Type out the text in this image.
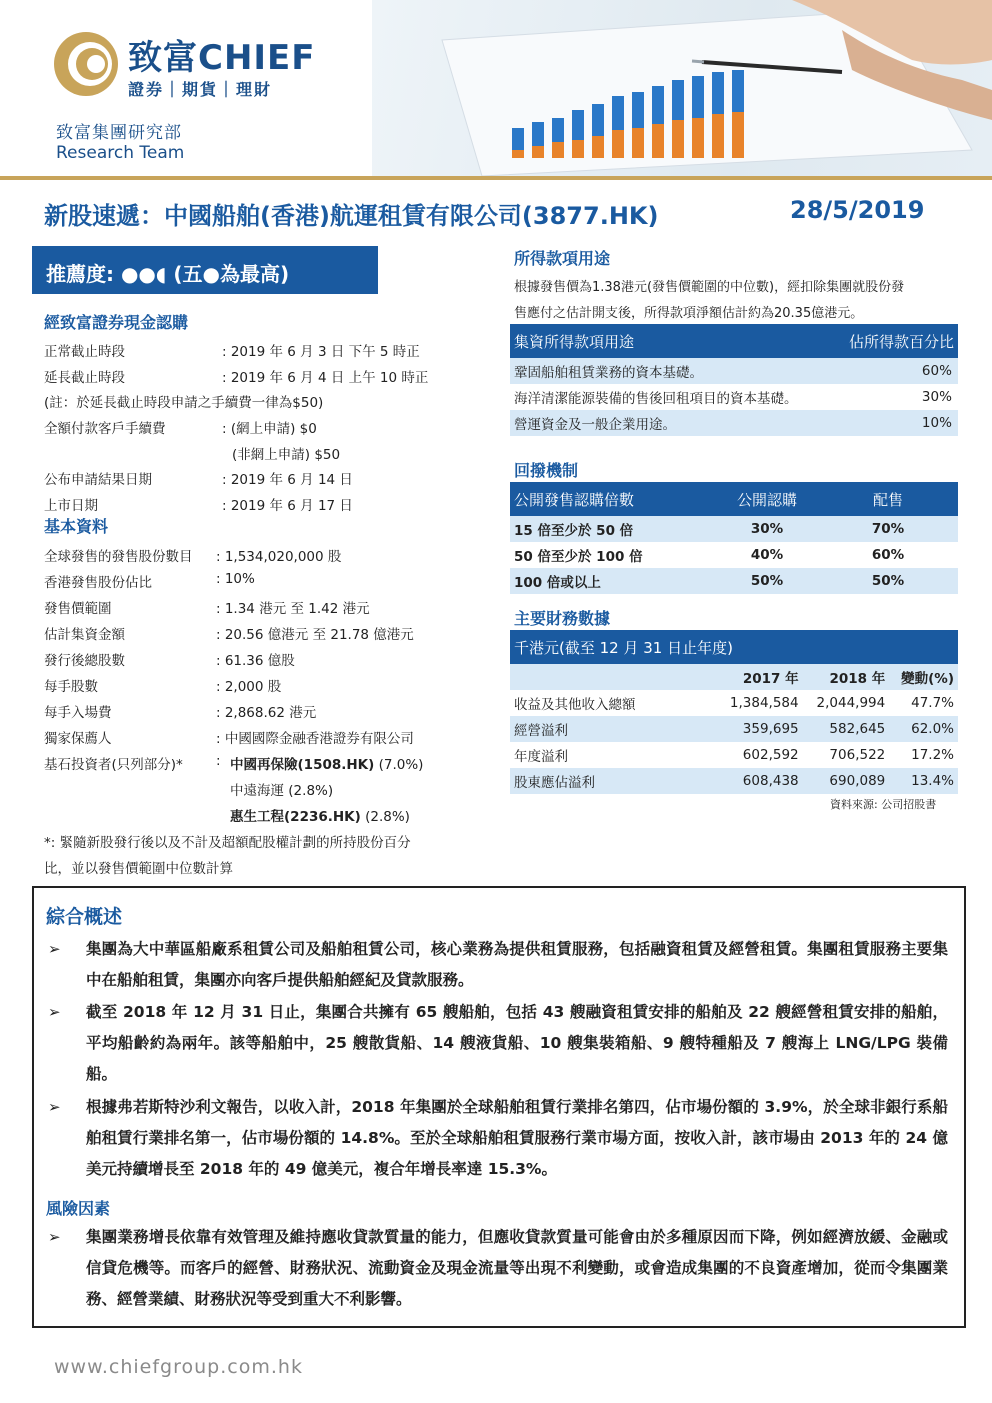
致富CHIEF
證券｜期貨｜理財
致富集團研究部
Research Team
新股速遞：中國船舶(香港)航運租賃有限公司(3877.HK)	28/5/2019
推薦度: ●●◖ (五●為最高)
經致富證券現金認購
正常截止時段	: 2019 年 6 月 3 日 下午 5 時正
延長截止時段	: 2019 年 6 月 4 日 上午 10 時正
(註：於延長截止時段申請之手續費一律為$50)
全額付款客戶手續費	: (網上申請) $0
(非網上申請) $50
公布申請結果日期	: 2019 年 6 月 14 日
上市日期	: 2019 年 6 月 17 日
基本資料
全球發售的發售股份數目 : 1,534,020,000 股
香港發售股份佔比	: 10%
發售價範圍	: 1.34 港元 至 1.42 港元
估計集資金額	: 20.56 億港元 至 21.78 億港元
發行後總股數	: 61.36 億股
每手股數	: 2,000 股
每手入場費	: 2,868.62 港元
獨家保薦人	: 中國國際金融香港證券有限公司
基石投資者(只列部分)* : 中國再保險(1508.HK) (7.0%)
中遠海運 (2.8%)
惠生工程(2236.HK) (2.8%)
*: 緊隨新股發行後以及不計及超額配股權計劃的所持股份百分
比，並以發售價範圍中位數計算
所得款項用途
根據發售價為1.38港元(發售價範圍的中位數)，經扣除集團就股份發
售應付之估計開支後，所得款項淨額估計約為20.35億港元。
集資所得款項用途	佔所得款百分比
鞏固船舶租賃業務的資本基礎。	60%
海洋清潔能源裝備的售後回租項目的資本基礎。	30%
營運資金及一般企業用途。	10%
回撥機制
公開發售認購倍數	公開認購	配售
15 倍至少於 50 倍	30%	70%
50 倍至少於 100 倍	40%	60%
100 倍或以上	50%	50%
主要財務數據
千港元(截至 12 月 31 日止年度)			
	2017 年	2018 年	變動(%)
收益及其他收入總額	1,384,584	2,044,994	47.7%
經營溢利	359,695	582,645	62.0%
年度溢利	602,592	706,522	17.2%
股東應佔溢利	608,438	690,089	13.4%
資料來源: 公司招股書
綜合概述
➢ 集團為大中華區船廠系租賃公司及船舶租賃公司，核心業務為提供租賃服務，包括融資租賃及經營租賃。集團租賃服務主要集中在船舶租賃，集團亦向客戶提供船舶經紀及貸款服務。
➢ 截至 2018 年 12 月 31 日止，集團合共擁有 65 艘船舶，包括 43 艘融資租賃安排的船舶及 22 艘經營租賃安排的船舶，平均船齡約為兩年。該等船舶中，25 艘散貨船、14 艘液貨船、10 艘集裝箱船、9 艘特種船及 7 艘海上 LNG/LPG 裝備船。
➢ 根據弗若斯特沙利文報告，以收入計，2018 年集團於全球船舶租賃行業排名第四，佔市場份額的 3.9%，於全球非銀行系船舶租賃行業排名第一，佔市場份額的 14.8%。至於全球船舶租賃服務行業市場方面，按收入計，該市場由 2013 年的 24 億美元持續增長至 2018 年的 49 億美元，複合年增長率達 15.3%。
風險因素
➢ 集團業務增長依靠有效管理及維持應收貸款質量的能力，但應收貸款質量可能會由於多種原因而下降，例如經濟放緩、金融或信貸危機等。而客戶的經營、財務狀況、流動資金及現金流量等出現不利變動，或會造成集團的不良資產增加，從而令集團業務、經營業績、財務狀況等受到重大不利影響。
www.chiefgroup.com.hk
